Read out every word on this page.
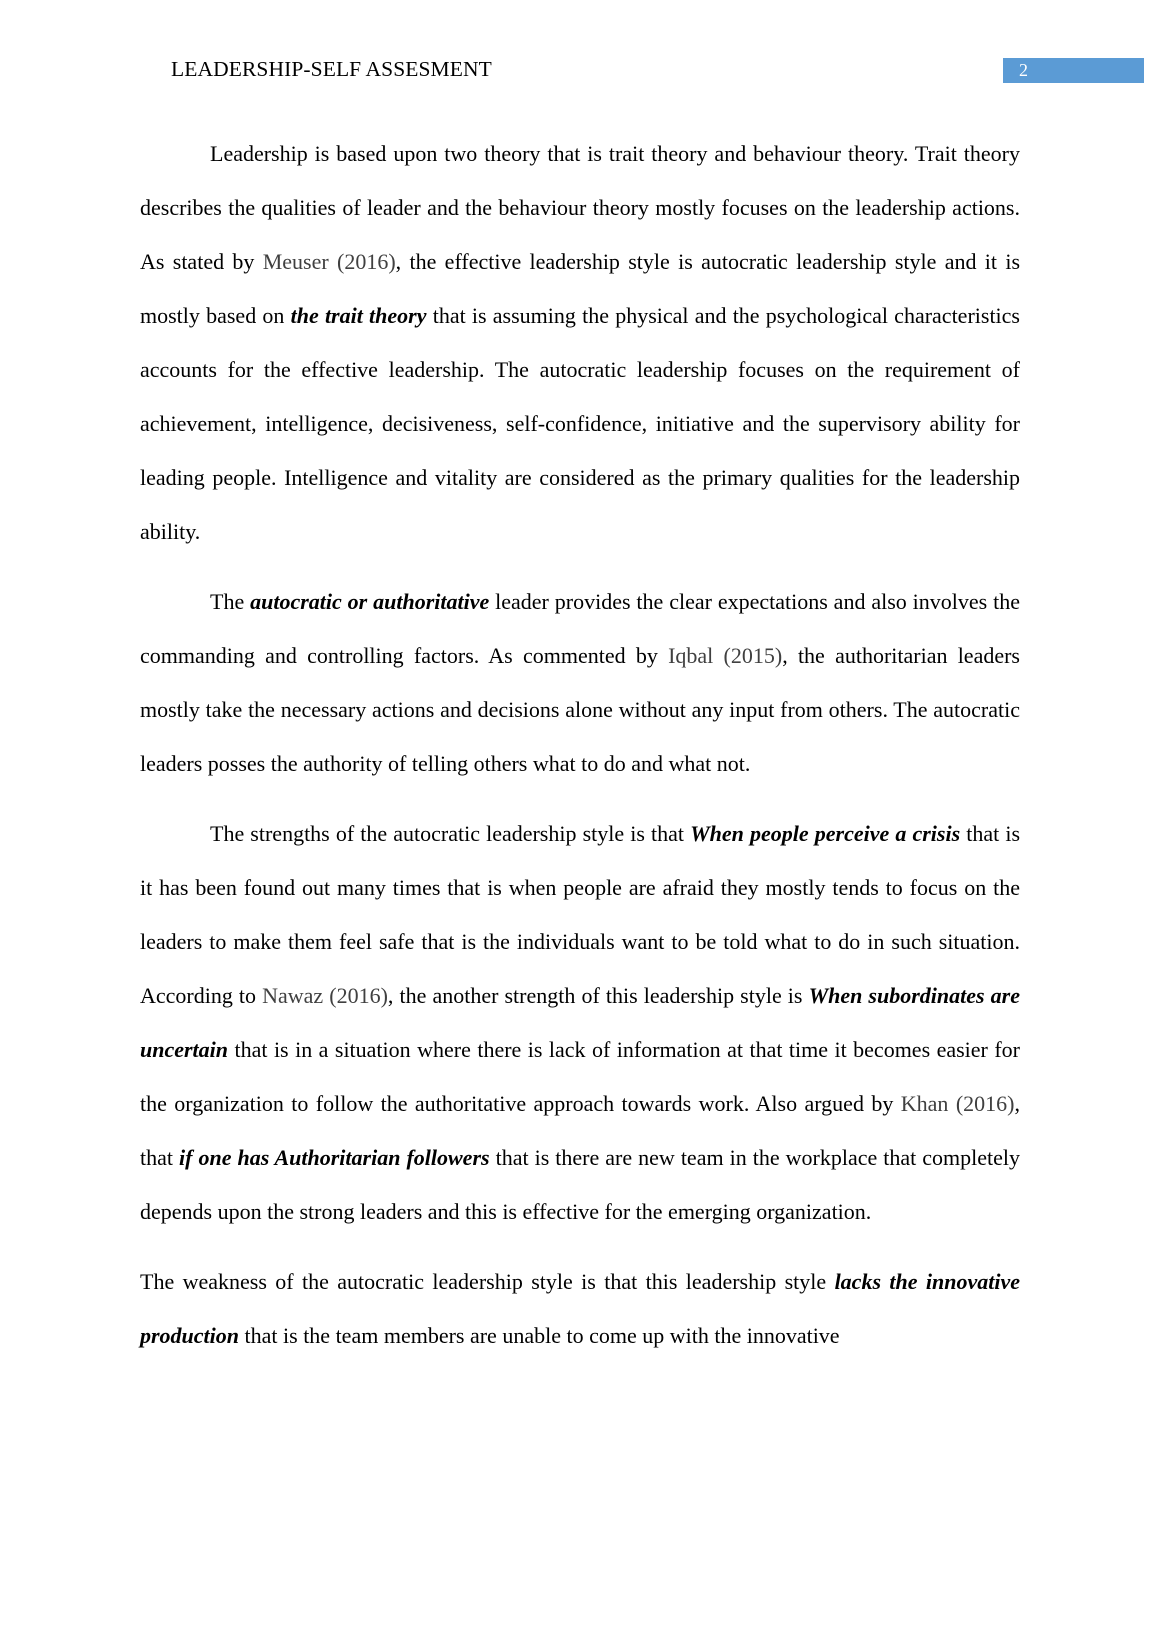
LEADERSHIP-SELF ASSESMENT	2

Leadership is based upon two theory that is trait theory and behaviour theory. Trait theory describes the qualities of leader and the behaviour theory mostly focuses on the leadership actions. As stated by Meuser (2016), the effective leadership style is autocratic leadership style and it is mostly based on the trait theory that is assuming the physical and the psychological characteristics accounts for the effective leadership. The autocratic leadership focuses on the requirement of achievement, intelligence, decisiveness, self-confidence, initiative and the supervisory ability for leading people. Intelligence and vitality are considered as the primary qualities for the leadership ability.

The autocratic or authoritative leader provides the clear expectations and also involves the commanding and controlling factors. As commented by Iqbal (2015), the authoritarian leaders mostly take the necessary actions and decisions alone without any input from others. The autocratic leaders posses the authority of telling others what to do and what not.

The strengths of the autocratic leadership style is that When people perceive a crisis that is it has been found out many times that is when people are afraid they mostly tends to focus on the leaders to make them feel safe that is the individuals want to be told what to do in such situation. According to Nawaz (2016), the another strength of this leadership style is When subordinates are uncertain that is in a situation where there is lack of information at that time it becomes easier for the organization to follow the authoritative approach towards work. Also argued by Khan (2016), that if one has Authoritarian followers that is there are new team in the workplace that completely depends upon the strong leaders and this is effective for the emerging organization.

The weakness of the autocratic leadership style is that this leadership style lacks the innovative production that is the team members are unable to come up with the innovative
